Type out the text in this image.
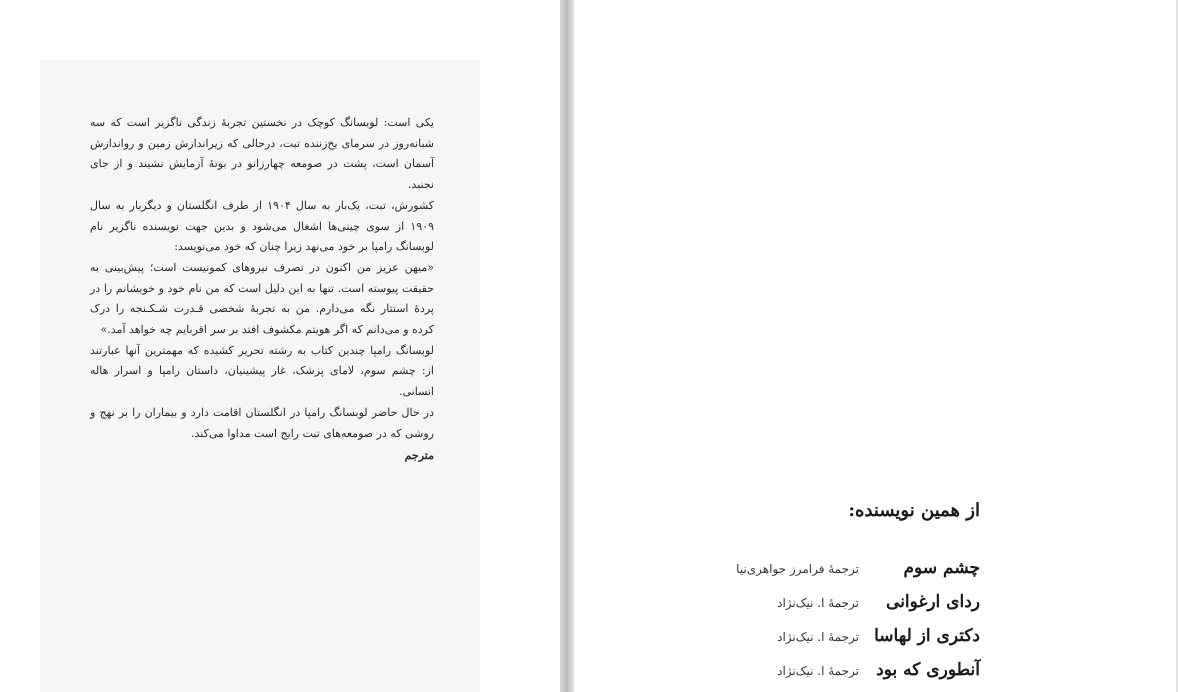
یکی است: لوبسانگ کوچک در نخستین تجربهٔ زندگی ناگزیر است که سه شبانه‌روز در سرمای یخ‌زننده تبت، درحالی که زیرانداز‌ش زمین و روانداز‌ش آسمان است، پشت در صومعه چهارزانو در بوتهٔ آزمایش نشیند و از جای نجنبد.

کشورش، تبت، یک‌بار به سال ۱۹۰۴ از طرف انگلستان و دیگربار به سال ۱۹۰۹ از سوی چینی‌ها اشغال می‌شود و بدین جهت نویسنده ناگزیر نام لوبسانگ رامپا بر خود می‌نهد زیرا چنان که خود می‌نویسد:

«میهن عزیز من اکنون در تصرف نیروهای کمونیست است؛ پیش‌بینی به حقیقت پیوسته است. تنها به این دلیل است که من نام خود و خویشانم را در پردهٔ استتار نگه می‌دارم. من به تجربهٔ شخصی قـدرت شـکـنجه را درک کرده و می‌دانم که اگر هویتم مکشوف افتد بر سر اقربایم چه خواهد آمد.»

لوبسانگ رامپا چندین کتاب به رشته تحریر کشیده که مهمترین آنها عبارتند از: چشم سوم، لامای پزشک، غار پیشینیان، داستان رامپا و اسرار هاله انسانی.

در حال حاضر لوبسانگ رامپا در انگلستان اقامت دارد و بیماران را بر نهج و روشی که در صومعه‌های تبت رایج است مداوا می‌کند.

مترجم

از همین نویسنده:
چشم سوم
ترجمهٔ فرامرز جواهری‌نیا
ردای ارغوانی
ترجمهٔ ا. نیک‌نژاد
دکتری از لهاسا
ترجمهٔ ا. نیک‌نژاد
آنطوری که بود
ترجمهٔ ا. نیک‌نژاد
